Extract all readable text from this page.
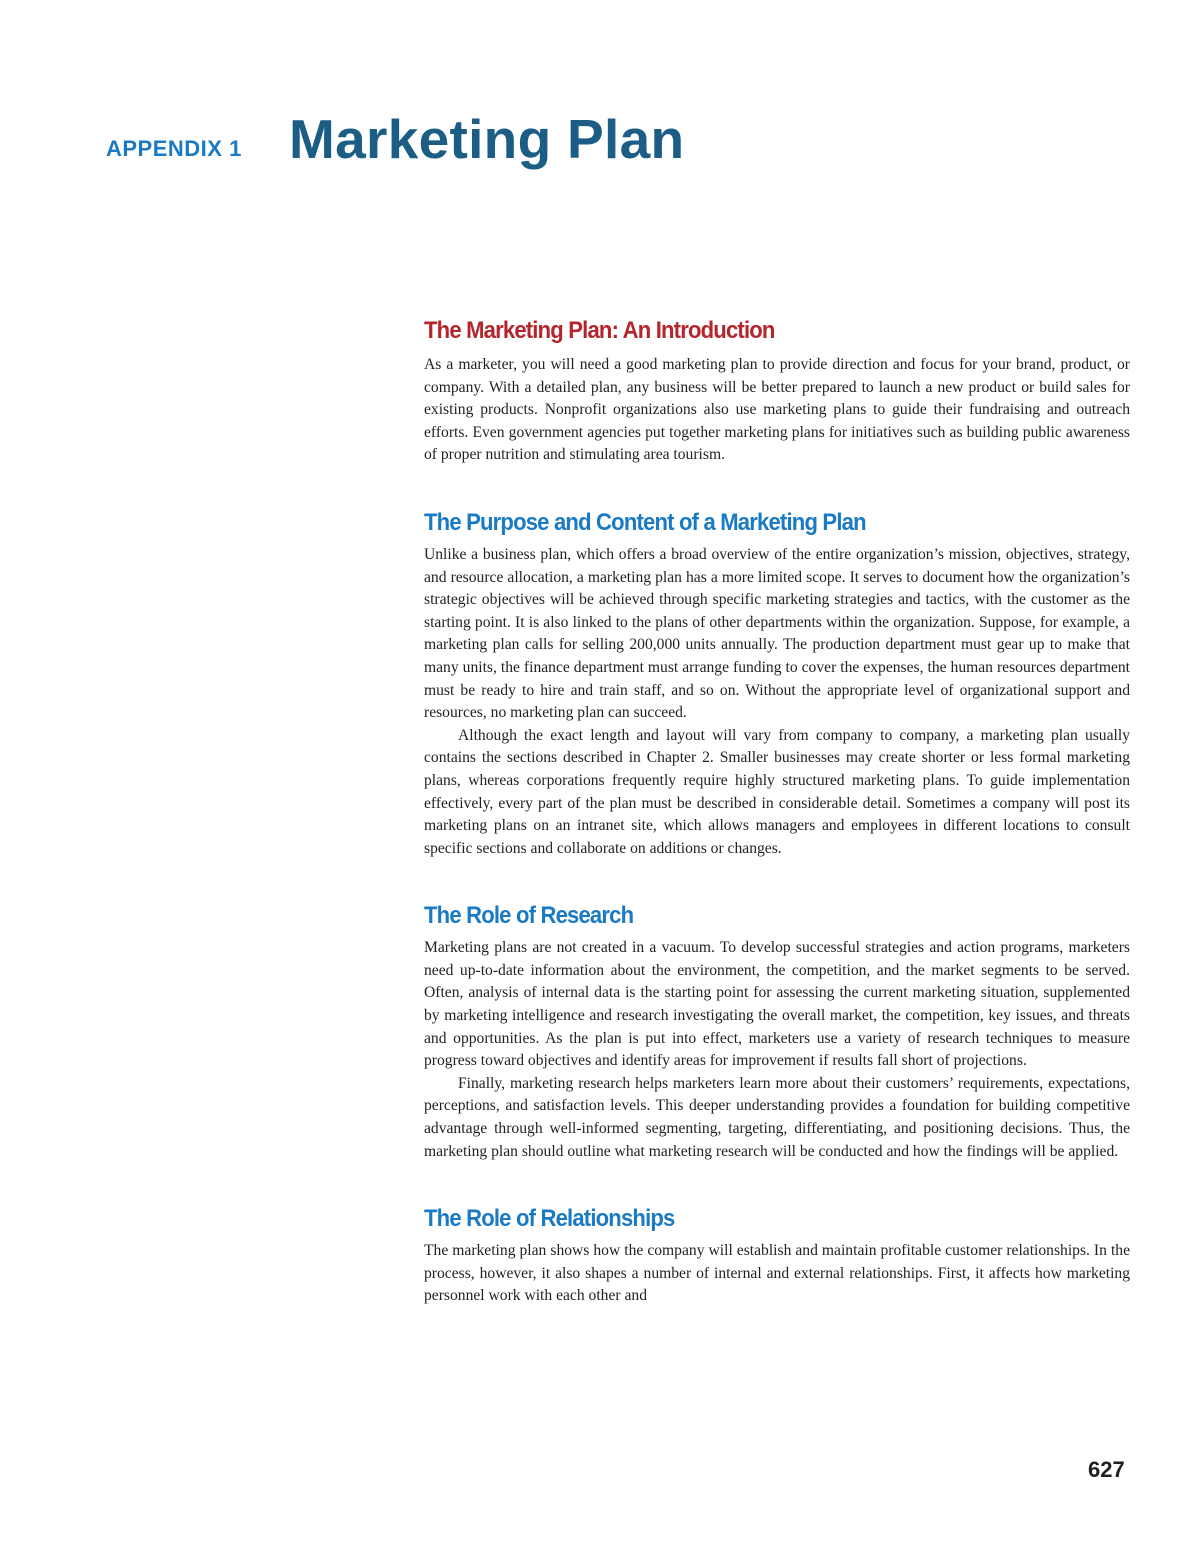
APPENDIX 1 Marketing Plan
The Marketing Plan: An Introduction

As a marketer, you will need a good marketing plan to provide direction and focus for your brand, product, or company. With a detailed plan, any business will be better prepared to launch a new product or build sales for existing products. Nonprofit organizations also use marketing plans to guide their fundraising and outreach efforts. Even government agencies put together marketing plans for initiatives such as building public awareness of proper nutrition and stimulating area tourism.

The Purpose and Content of a Marketing Plan

Unlike a business plan, which offers a broad overview of the entire organization’s mission, objectives, strategy, and resource allocation, a marketing plan has a more limited scope. It serves to document how the organization’s strategic objectives will be achieved through specific marketing strategies and tactics, with the customer as the starting point. It is also linked to the plans of other departments within the organization. Suppose, for example, a marketing plan calls for selling 200,000 units annually. The production department must gear up to make that many units, the finance department must arrange funding to cover the expenses, the human resources department must be ready to hire and train staff, and so on. Without the appropriate level of organizational support and resources, no marketing plan can succeed.

Although the exact length and layout will vary from company to company, a marketing plan usually contains the sections described in Chapter 2. Smaller businesses may create shorter or less formal marketing plans, whereas corporations frequently require highly structured marketing plans. To guide implementation effectively, every part of the plan must be described in considerable detail. Sometimes a company will post its marketing plans on an intranet site, which allows managers and employees in different locations to consult specific sections and collaborate on additions or changes.

The Role of Research

Marketing plans are not created in a vacuum. To develop successful strategies and action programs, marketers need up-to-date information about the environment, the competition, and the market segments to be served. Often, analysis of internal data is the starting point for assessing the current marketing situation, supplemented by marketing intelligence and research investigating the overall market, the competition, key issues, and threats and opportunities. As the plan is put into effect, marketers use a variety of research techniques to measure progress toward objectives and identify areas for improvement if results fall short of projections.

Finally, marketing research helps marketers learn more about their customers’ requirements, expectations, perceptions, and satisfaction levels. This deeper understanding provides a foundation for building competitive advantage through well-informed segmenting, targeting, differentiating, and positioning decisions. Thus, the marketing plan should outline what marketing research will be conducted and how the findings will be applied.

The Role of Relationships

The marketing plan shows how the company will establish and maintain profitable customer relationships. In the process, however, it also shapes a number of internal and external relationships. First, it affects how marketing personnel work with each other and

627
